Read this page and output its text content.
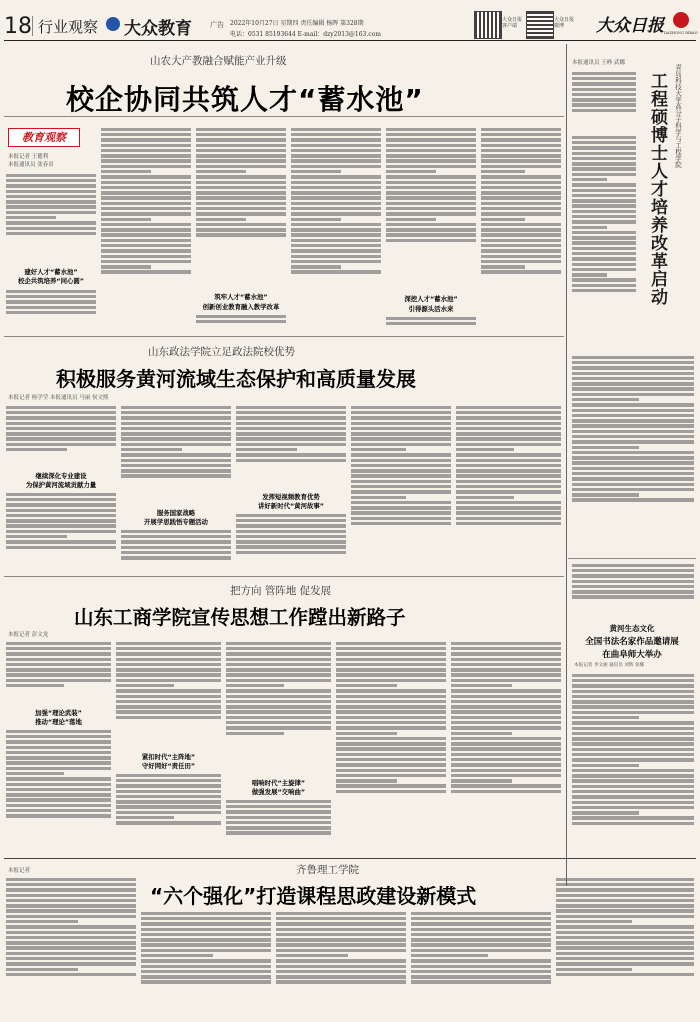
18 行业观察 大众教育	广告 2022年10月27日 星期四 责任编辑 杨晖 第328期
电话：0531 85193644 E-mail：dzy2013@163.com
大众日报客户端
大众日报微博	大众日报 DAZHONG RIBAO
山农大产教融合赋能产业升级
校企协同共筑人才“蓄水池”
教育观察
本报记者 王健利
本报通讯员 张春景
建好人才“蓄水池”
校企共筑培养“同心圆”
筑牢人才“蓄水池”
创新创业教育融入教学改革
深挖人才“蓄水池”
引得源头活水来
本报通讯员 王峥 武娜
工程硕博士人才培养改革启动	青岛科技大学高分子科学与工程学院
山东政法学院立足政法院校优势
积极服务黄河流域生态保护和高质量发展
本报记者 杨学莹 本报通讯员 马丽 侯文熙
继续深化专业建设
为保护黄河流域贡献力量
服务国家战略
开展学思践悟专题活动
发挥短视频教育优势
讲好新时代“黄河故事”
黄河生态文化
全国书法名家作品邀请展
在曲阜师大举办
本报记者 李文丽 通讯员 刘辉 张娜
把方向 管阵地 促发展
山东工商学院宣传思想工作蹚出新路子
本报记者 彭文龙
加强“理论武装”
推动“理论”落地
紧扣时代“主阵地”
守好网好“责任田”
唱响时代“主旋律”
做强发展“交响曲”
齐鲁理工学院
“六个强化”打造课程思政建设新模式
本报记者
